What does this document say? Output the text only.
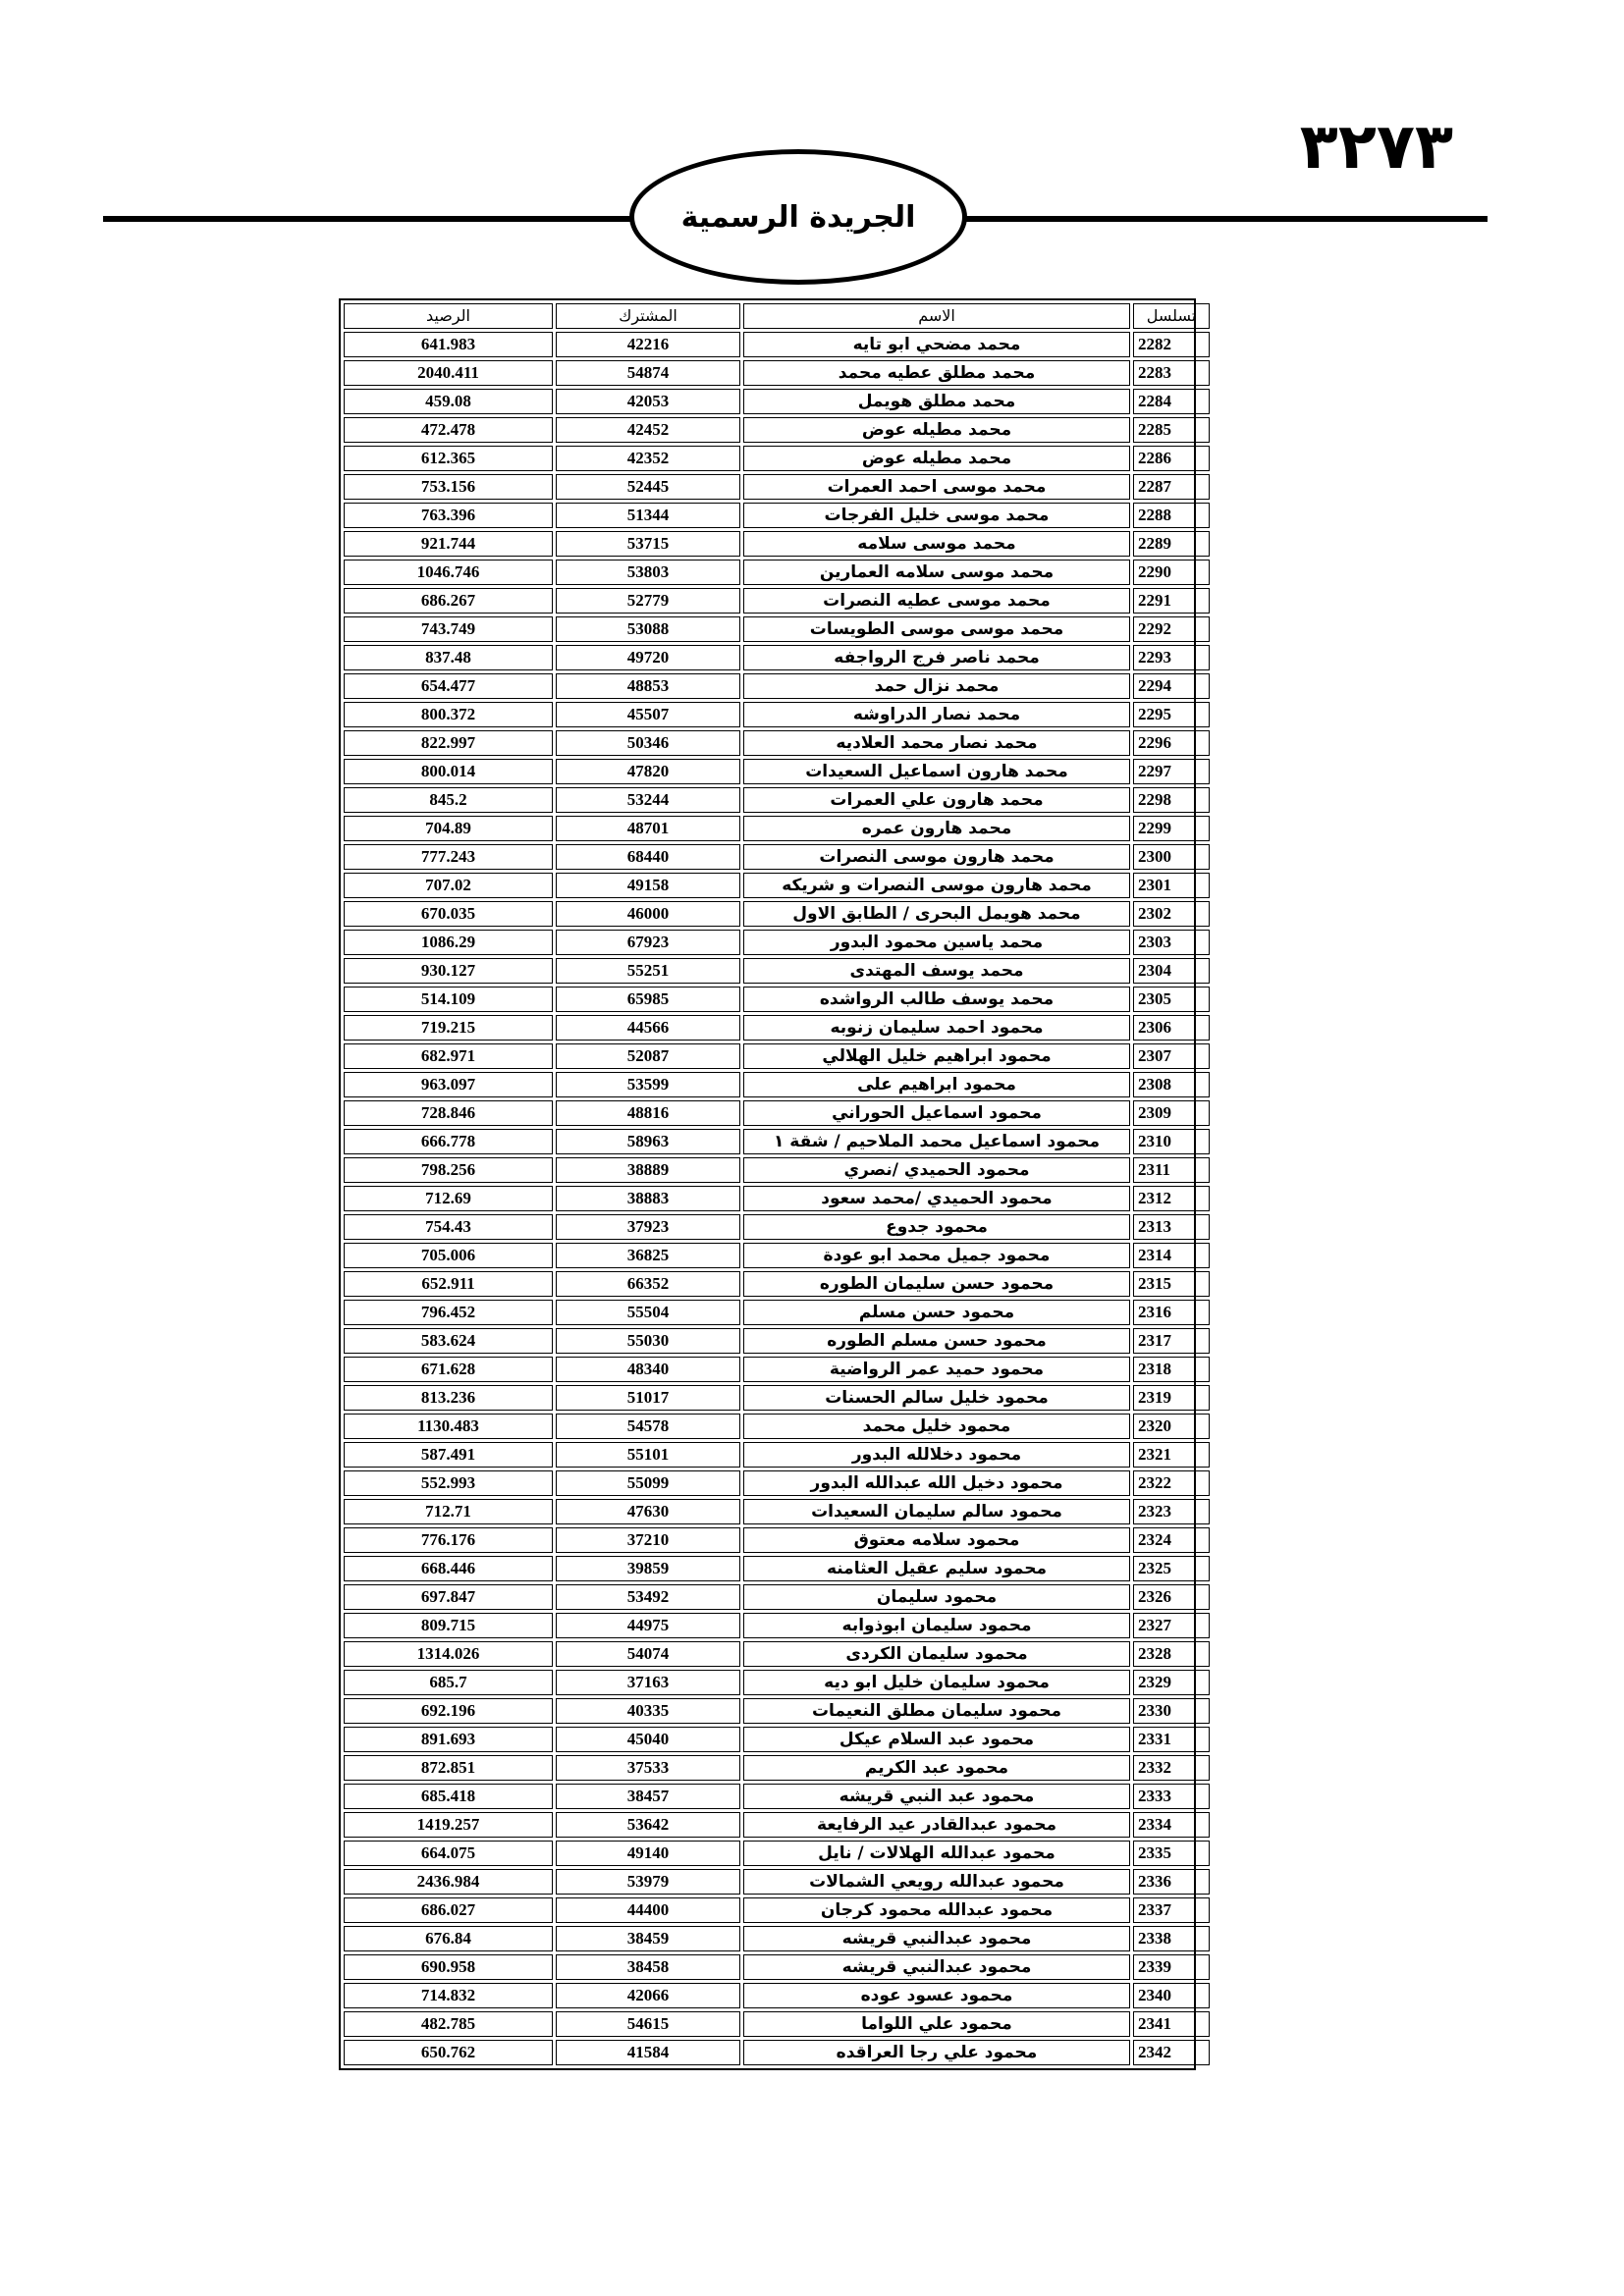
٣٢٧٣
الجريدة الرسمية
تسلسل	الاسم	المشترك	الرصيد
2282	محمد مضحي ابو تايه	42216	641.983
2283	محمد مطلق عطيه محمد	54874	2040.411
2284	محمد مطلق هويمل	42053	459.08
2285	محمد مطيله عوض	42452	472.478
2286	محمد مطيله عوض	42352	612.365
2287	محمد موسى احمد العمرات	52445	753.156
2288	محمد موسى خليل الفرجات	51344	763.396
2289	محمد موسى سلامه	53715	921.744
2290	محمد موسى سلامه العمارين	53803	1046.746
2291	محمد موسى عطيه النصرات	52779	686.267
2292	محمد موسى موسى الطويسات	53088	743.749
2293	محمد ناصر فرج الرواجفه	49720	837.48
2294	محمد نزال حمد	48853	654.477
2295	محمد نصار الدراوشه	45507	800.372
2296	محمد نصار محمد العلاديه	50346	822.997
2297	محمد هارون اسماعيل السعيدات	47820	800.014
2298	محمد هارون علي العمرات	53244	845.2
2299	محمد هارون عمره	48701	704.89
2300	محمد هارون موسى النصرات	68440	777.243
2301	محمد هارون موسى النصرات و شريكه	49158	707.02
2302	محمد هويمل البحرى / الطابق الاول	46000	670.035
2303	محمد ياسين محمود البدور	67923	1086.29
2304	محمد يوسف المهتدى	55251	930.127
2305	محمد يوسف طالب الرواشده	65985	514.109
2306	محمود احمد سليمان زنوبه	44566	719.215
2307	محمود ابراهيم خليل الهلالي	52087	682.971
2308	محمود ابراهيم على	53599	963.097
2309	محمود اسماعيل الحوراني	48816	728.846
2310	محمود اسماعيل محمد الملاحيم / شقة ١	58963	666.778
2311	محمود الحميدي /نصري	38889	798.256
2312	محمود الحميدي /محمد سعود	38883	712.69
2313	محمود جدوع	37923	754.43
2314	محمود جميل محمد ابو عودة	36825	705.006
2315	محمود حسن سليمان الطوره	66352	652.911
2316	محمود حسن مسلم	55504	796.452
2317	محمود حسن مسلم الطوره	55030	583.624
2318	محمود حميد عمر الرواضية	48340	671.628
2319	محمود خليل سالم الحسنات	51017	813.236
2320	محمود خليل محمد	54578	1130.483
2321	محمود دخلالله البدور	55101	587.491
2322	محمود دخيل الله عبدالله البدور	55099	552.993
2323	محمود سالم سليمان السعيدات	47630	712.71
2324	محمود سلامه معتوق	37210	776.176
2325	محمود سليم عقيل العثامنه	39859	668.446
2326	محمود سليمان	53492	697.847
2327	محمود سليمان ابوذوابه	44975	809.715
2328	محمود سليمان الكردى	54074	1314.026
2329	محمود سليمان خليل ابو ديه	37163	685.7
2330	محمود سليمان مطلق النعيمات	40335	692.196
2331	محمود عبد السلام عيكل	45040	891.693
2332	محمود عبد الكريم	37533	872.851
2333	محمود عبد النبي قريشه	38457	685.418
2334	محمود عبدالقادر عيد الرفايعة	53642	1419.257
2335	محمود عبدالله الهلالات / نايل	49140	664.075
2336	محمود عبدالله رويعي الشمالات	53979	2436.984
2337	محمود عبدالله محمود كرجان	44400	686.027
2338	محمود عبدالنبي قريشه	38459	676.84
2339	محمود عبدالنبي قريشه	38458	690.958
2340	محمود عسود عوده	42066	714.832
2341	محمود علي اللواما	54615	482.785
2342	محمود علي رجا العراقده	41584	650.762
